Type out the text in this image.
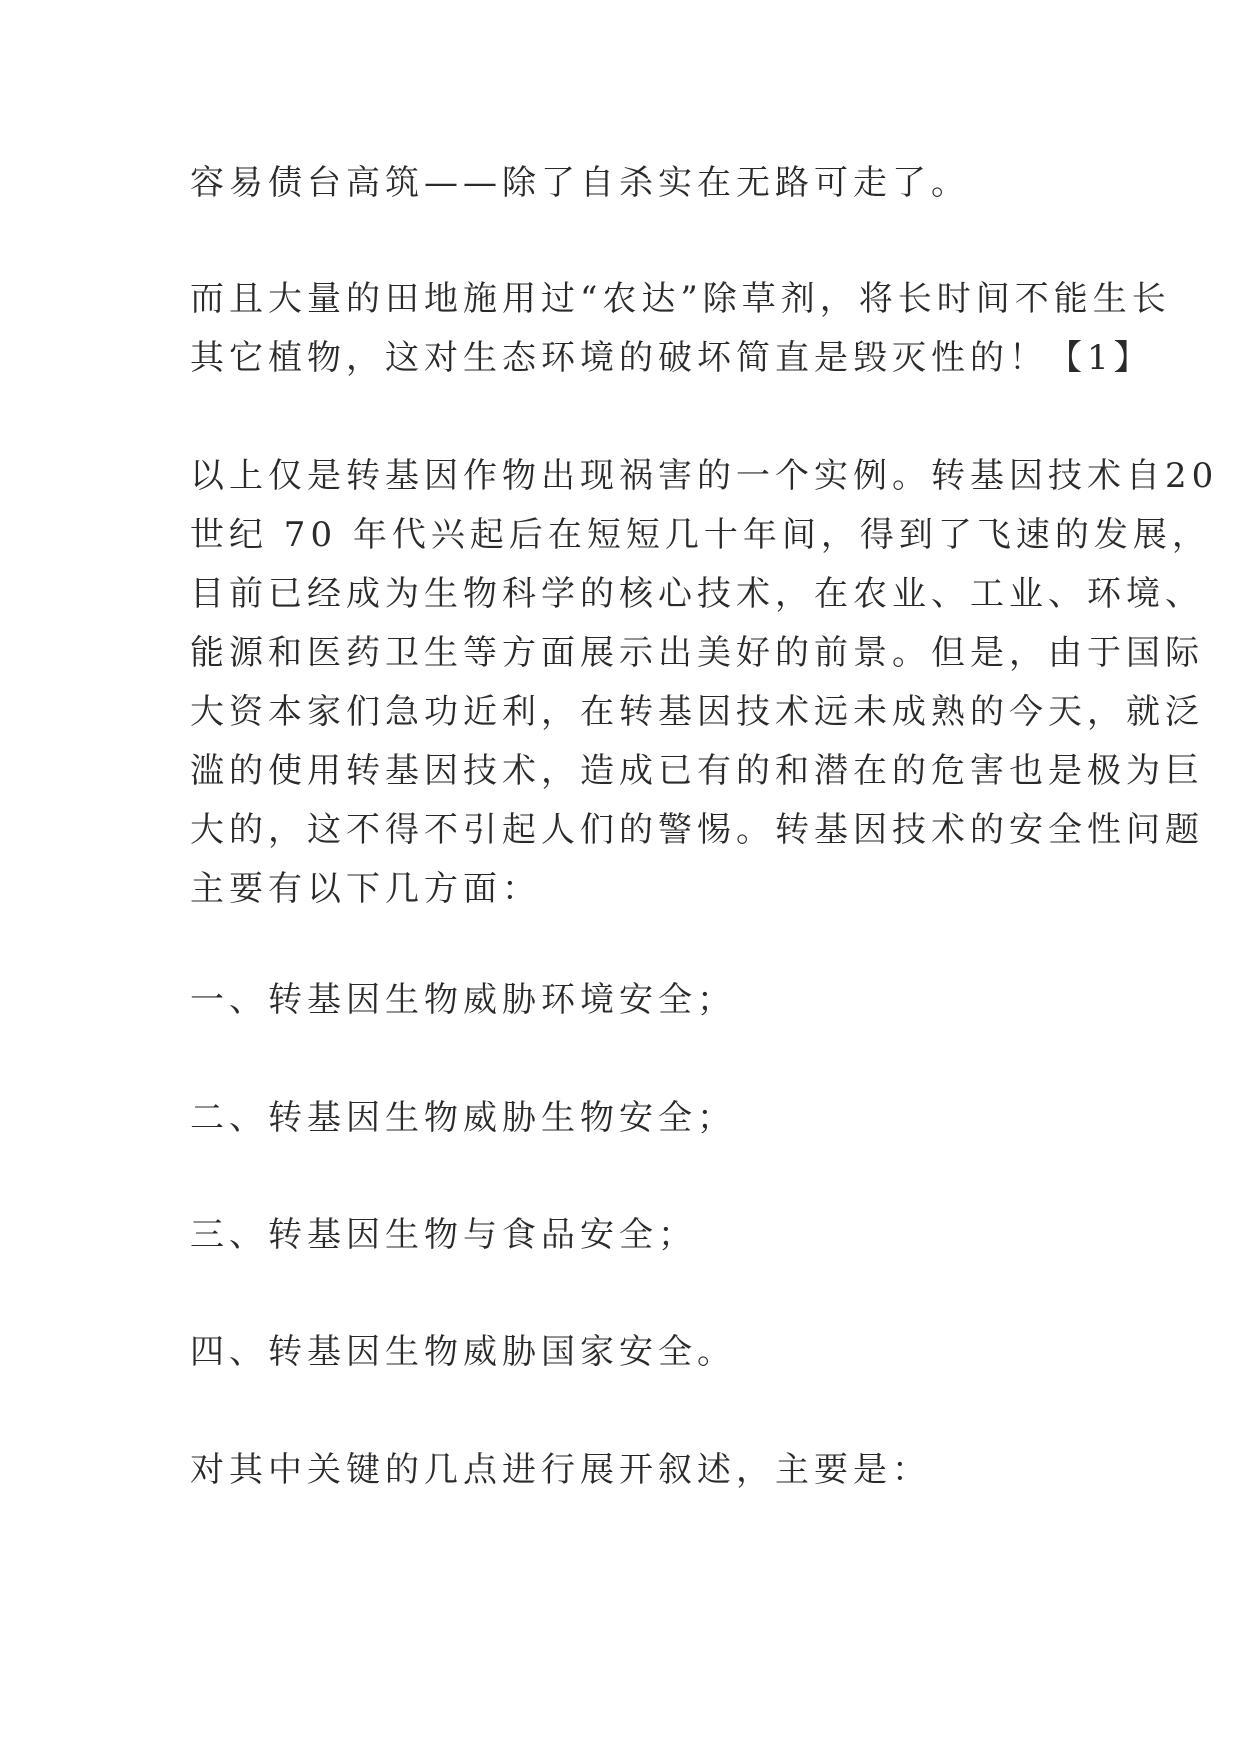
容易债台高筑——除了自杀实在无路可走了。

而且大量的田地施用过“农达”除草剂，将长时间不能生长
其它植物，这对生态环境的破坏简直是毁灭性的！【1】

以上仅是转基因作物出现祸害的一个实例。转基因技术自20
世纪 70 年代兴起后在短短几十年间，得到了飞速的发展，
目前已经成为生物科学的核心技术，在农业、工业、环境、
能源和医药卫生等方面展示出美好的前景。但是，由于国际
大资本家们急功近利，在转基因技术远未成熟的今天，就泛
滥的使用转基因技术，造成已有的和潜在的危害也是极为巨
大的，这不得不引起人们的警惕。转基因技术的安全性问题
主要有以下几方面：

一、转基因生物威胁环境安全；

二、转基因生物威胁生物安全；

三、转基因生物与食品安全；

四、转基因生物威胁国家安全。

对其中关键的几点进行展开叙述，主要是：
